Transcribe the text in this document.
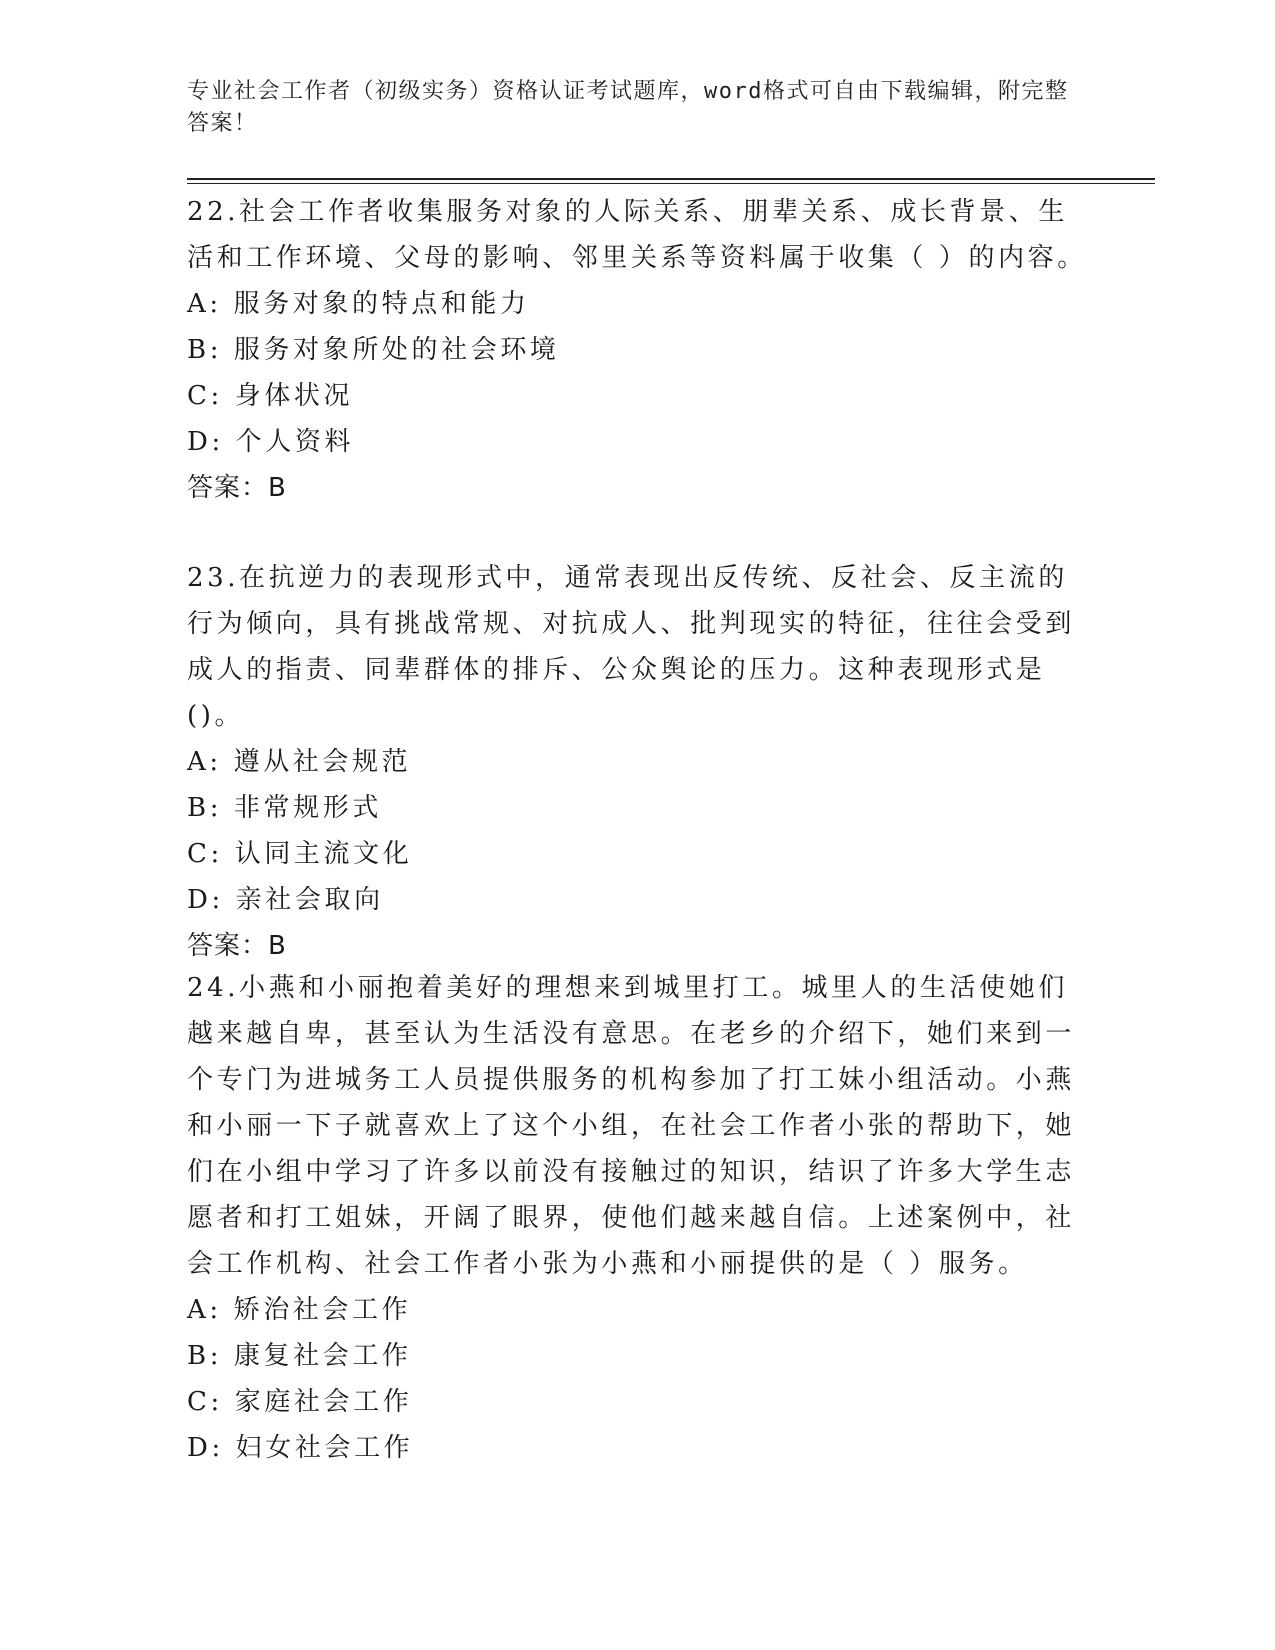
专业社会工作者（初级实务）资格认证考试题库，word格式可自由下载编辑，附完整答案！

22.社会工作者收集服务对象的人际关系、朋辈关系、成长背景、生活和工作环境、父母的影响、邻里关系等资料属于收集（ ）的内容。

A: 服务对象的特点和能力

B: 服务对象所处的社会环境

C: 身体状况

D: 个人资料

答案：B

23.在抗逆力的表现形式中，通常表现出反传统、反社会、反主流的行为倾向，具有挑战常规、对抗成人、批判现实的特征，往往会受到成人的指责、同辈群体的排斥、公众舆论的压力。这种表现形式是()。

A: 遵从社会规范

B: 非常规形式

C: 认同主流文化

D: 亲社会取向

答案：B

24.小燕和小丽抱着美好的理想来到城里打工。城里人的生活使她们越来越自卑，甚至认为生活没有意思。在老乡的介绍下，她们来到一个专门为进城务工人员提供服务的机构参加了打工妹小组活动。小燕和小丽一下子就喜欢上了这个小组，在社会工作者小张的帮助下，她们在小组中学习了许多以前没有接触过的知识，结识了许多大学生志愿者和打工姐妹，开阔了眼界，使他们越来越自信。上述案例中，社会工作机构、社会工作者小张为小燕和小丽提供的是（ ）服务。

A: 矫治社会工作

B: 康复社会工作

C: 家庭社会工作

D: 妇女社会工作
